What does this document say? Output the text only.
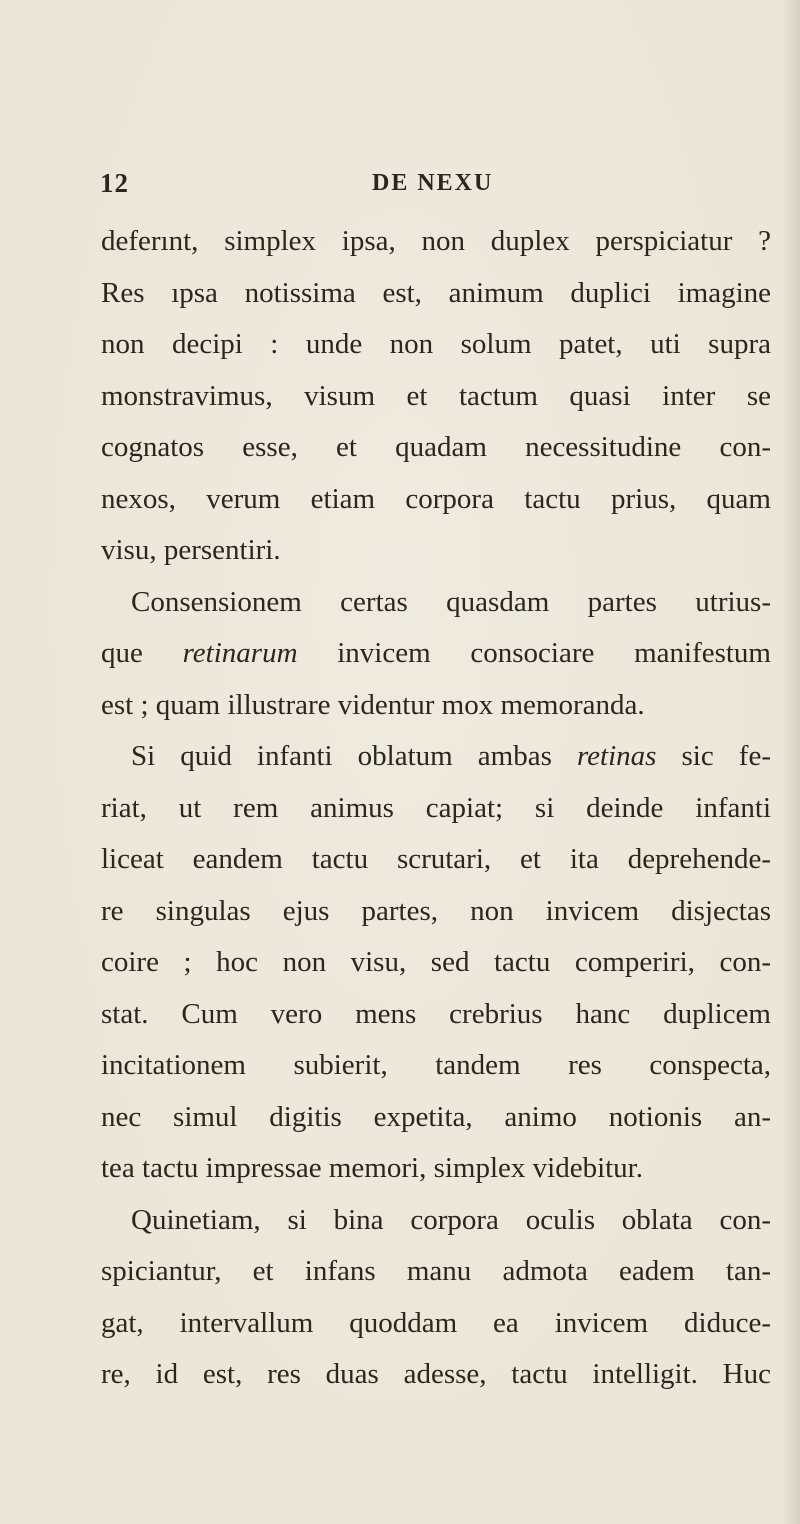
12	DE NEXU
deferınt, simplex ipsa, non duplex perspiciatur ?
Res ıpsa notissima est, animum duplici imagine
non decipi : unde non solum patet, uti supra
monstravimus, visum et tactum quasi inter se
cognatos esse, et quadam necessitudine con-
nexos, verum etiam corpora tactu prius, quam
visu, persentiri.
Consensionem certas quasdam partes utrius-
que retinarum invicem consociare manifestum
est ; quam illustrare videntur mox memoranda.
Si quid infanti oblatum ambas retinas sic fe-
riat, ut rem animus capiat; si deinde infanti
liceat eandem tactu scrutari, et ita deprehende-
re singulas ejus partes, non invicem disjectas
coire ; hoc non visu, sed tactu comperiri, con-
stat. Cum vero mens crebrius hanc duplicem
incitationem subierit, tandem res conspecta,
nec simul digitis expetita, animo notionis an-
tea tactu impressae memori, simplex videbitur.
Quinetiam, si bina corpora oculis oblata con-
spiciantur, et infans manu admota eadem tan-
gat, intervallum quoddam ea invicem diduce-
re, id est, res duas adesse, tactu intelligit. Huc
